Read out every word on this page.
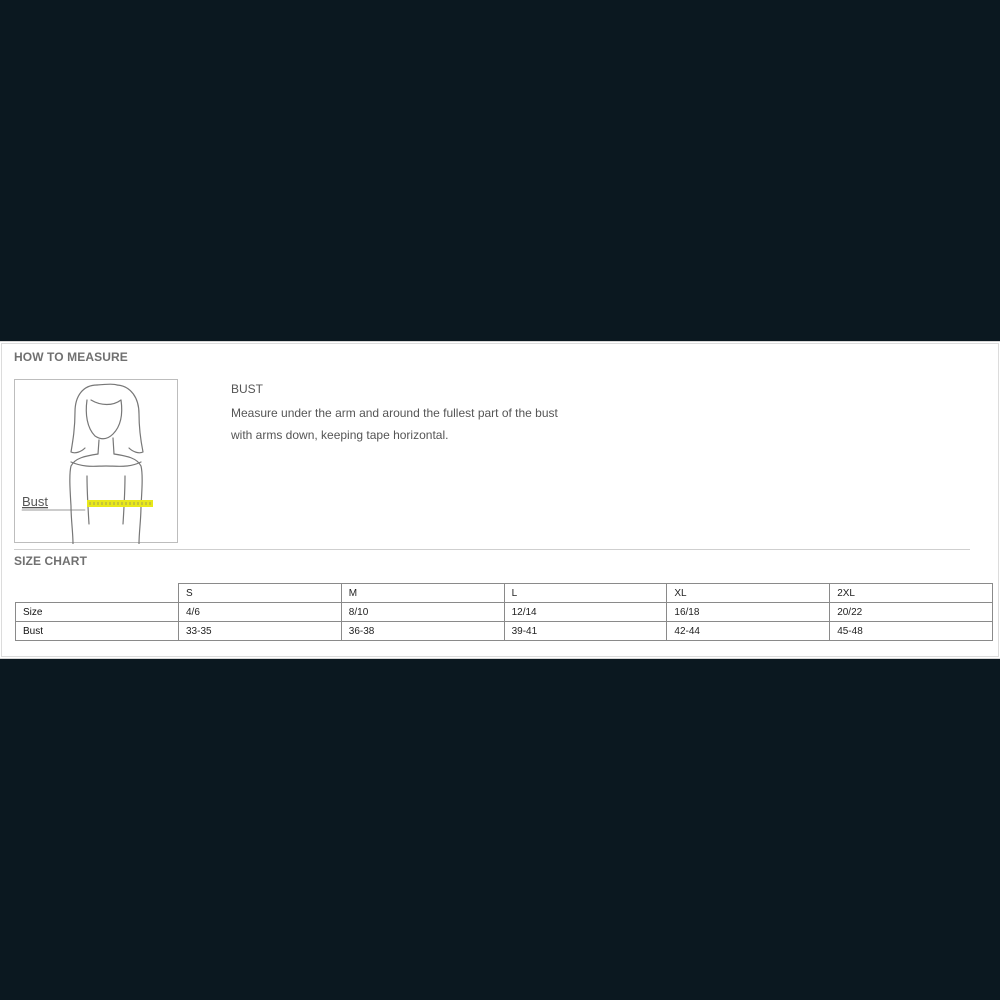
HOW TO MEASURE
Bust
BUST
Measure under the arm and around the fullest part of the bust
with arms down, keeping tape horizontal.
SIZE CHART
	S	M	L	XL	2XL
Size	4/6	8/10	12/14	16/18	20/22
Bust	33-35	36-38	39-41	42-44	45-48
